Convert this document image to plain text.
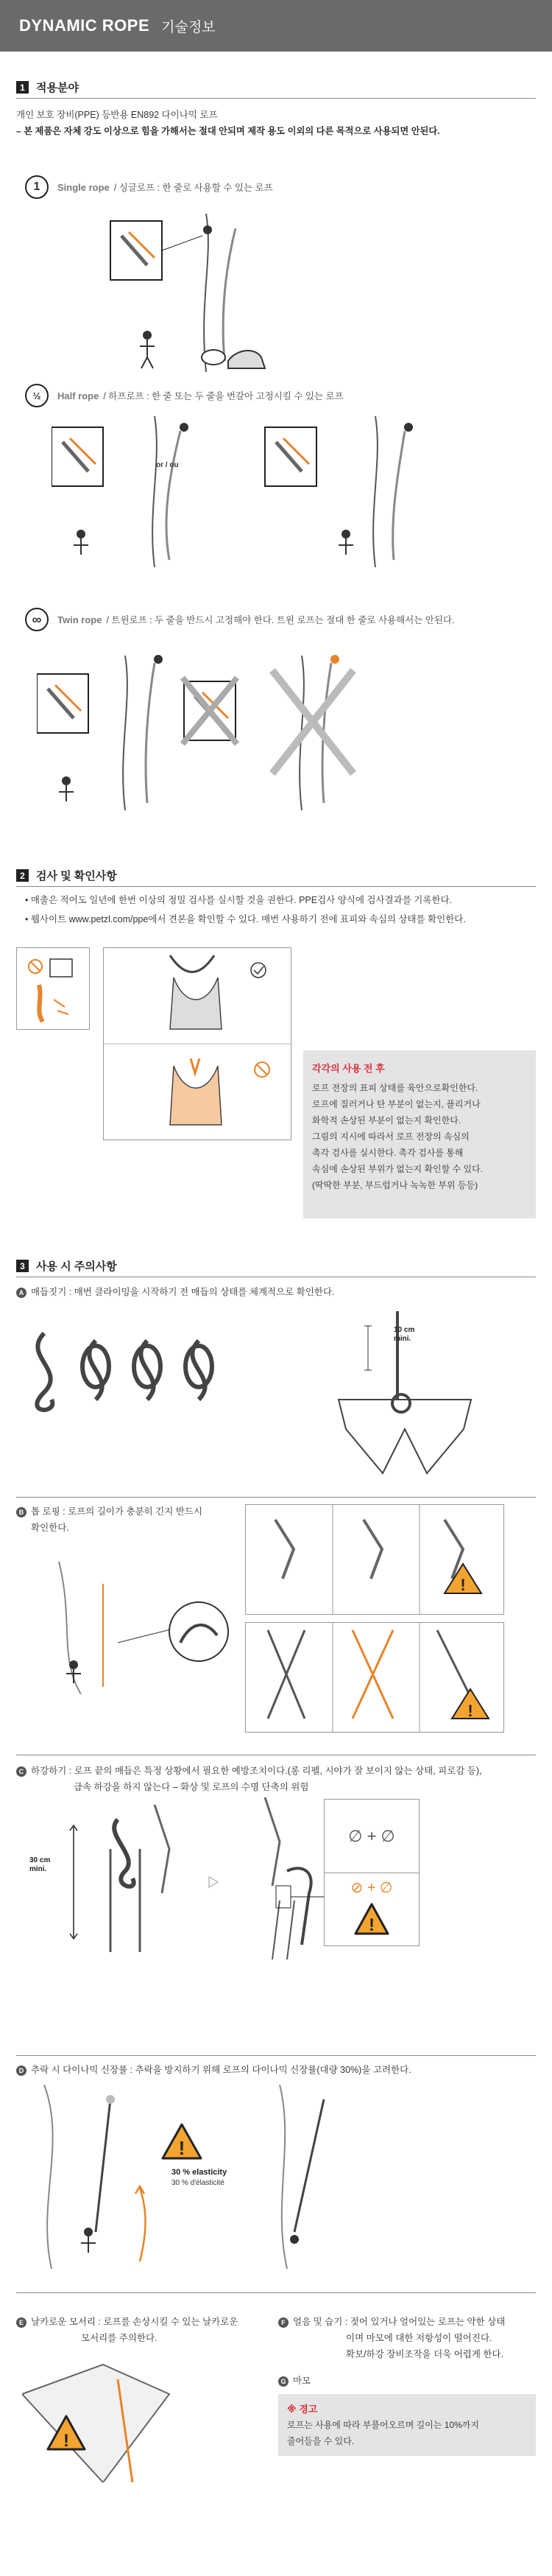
DYNAMIC ROPE 기술정보
1	적용분야
개인 보호 장비(PPE) 등반용 EN892 다이나믹 로프
– 본 제품은 자체 강도 이상으로 힘을 가해서는 절대 안되며 제작 용도 이외의 다른 목적으로 사용되면 안된다.
1	Single rope / 싱글로프 : 한 줄로 사용할 수 있는 로프
½	Half rope / 하프로프 : 한 줄 또는 두 줄을 번갈아 고정시킬 수 있는 로프
or / ou
∞	Twin rope / 트윈로프 : 두 줄을 반드시 고정해야 한다. 트윈 로프는 절대 한 줄로 사용해서는 안된다.
2	검사 및 확인사항
• 매출은 적어도 일년에 한번 이상의 정밀 검사를 실시할 것을 권한다. PPE검사 양식에 검사결과를 기록한다.
• 웹사이트 www.petzl.com/ppe에서 견본을 확인할 수 있다. 매번 사용하기 전에 표피와 속심의 상태를 확인한다.
각각의 사용 전 후
로프 전장의 표피 상태를 육안으로확인한다.
로프에 질러거나 탄 부분이 없는지, 플리거나
화학적 손상된 부분이 없는지 확인한다.
그림의 지시에 따라서 로프 전장의 속심의
촉각 검사를 실시한다. 촉각 검사를 통해
속심에 손상된 부위가 없는지 확인할 수 있다.
(딱딱한 부분, 부드럽거나 녹녹한 부위 등등)
3	사용 시 주의사항
A 매듭짓기 : 매번 클라이밍을 시작하기 전 매듭의 상태를 체계적으로 확인한다.
10 cm
mini.
B 톱 로핑 : 로프의 길이가 충분히 긴지 반드시
확인한다.
!
!
C 하강하기 : 로프 끝의 매듭은 특정 상황에서 필요한 예방조치이다.(롱 리펠, 시야가 잘 보이지 않는 상태, 피로감 등),
급속 하강을 하지 않는다 – 화상 및 로프의 수명 단축의 위험
30 cm
mini.
∅ + ∅
⊘ + ∅
!
D 추락 시 다이나믹 신장률 : 추락을 방지하기 위해 로프의 다이나믹 신장률(대량 30%)을 고려한다.
!
30 % elasticity
30 % d'élasticité
E 날카로운 모서리 : 로프를 손상시킬 수 있는 날카로운
모서리를 주의한다.
!
F 얼음 및 습기 : 젖어 있거나 얼어있는 로프는 약한 상태
이며 마모에 대한 저항성이 떨어진다.
확보/하강 장비조작을 더욱 어렵게 한다.
G 마모
※ 경고
로프는 사용에 따라 부풀어오르며 길이는 10%까지
줄어들을 수 있다.
